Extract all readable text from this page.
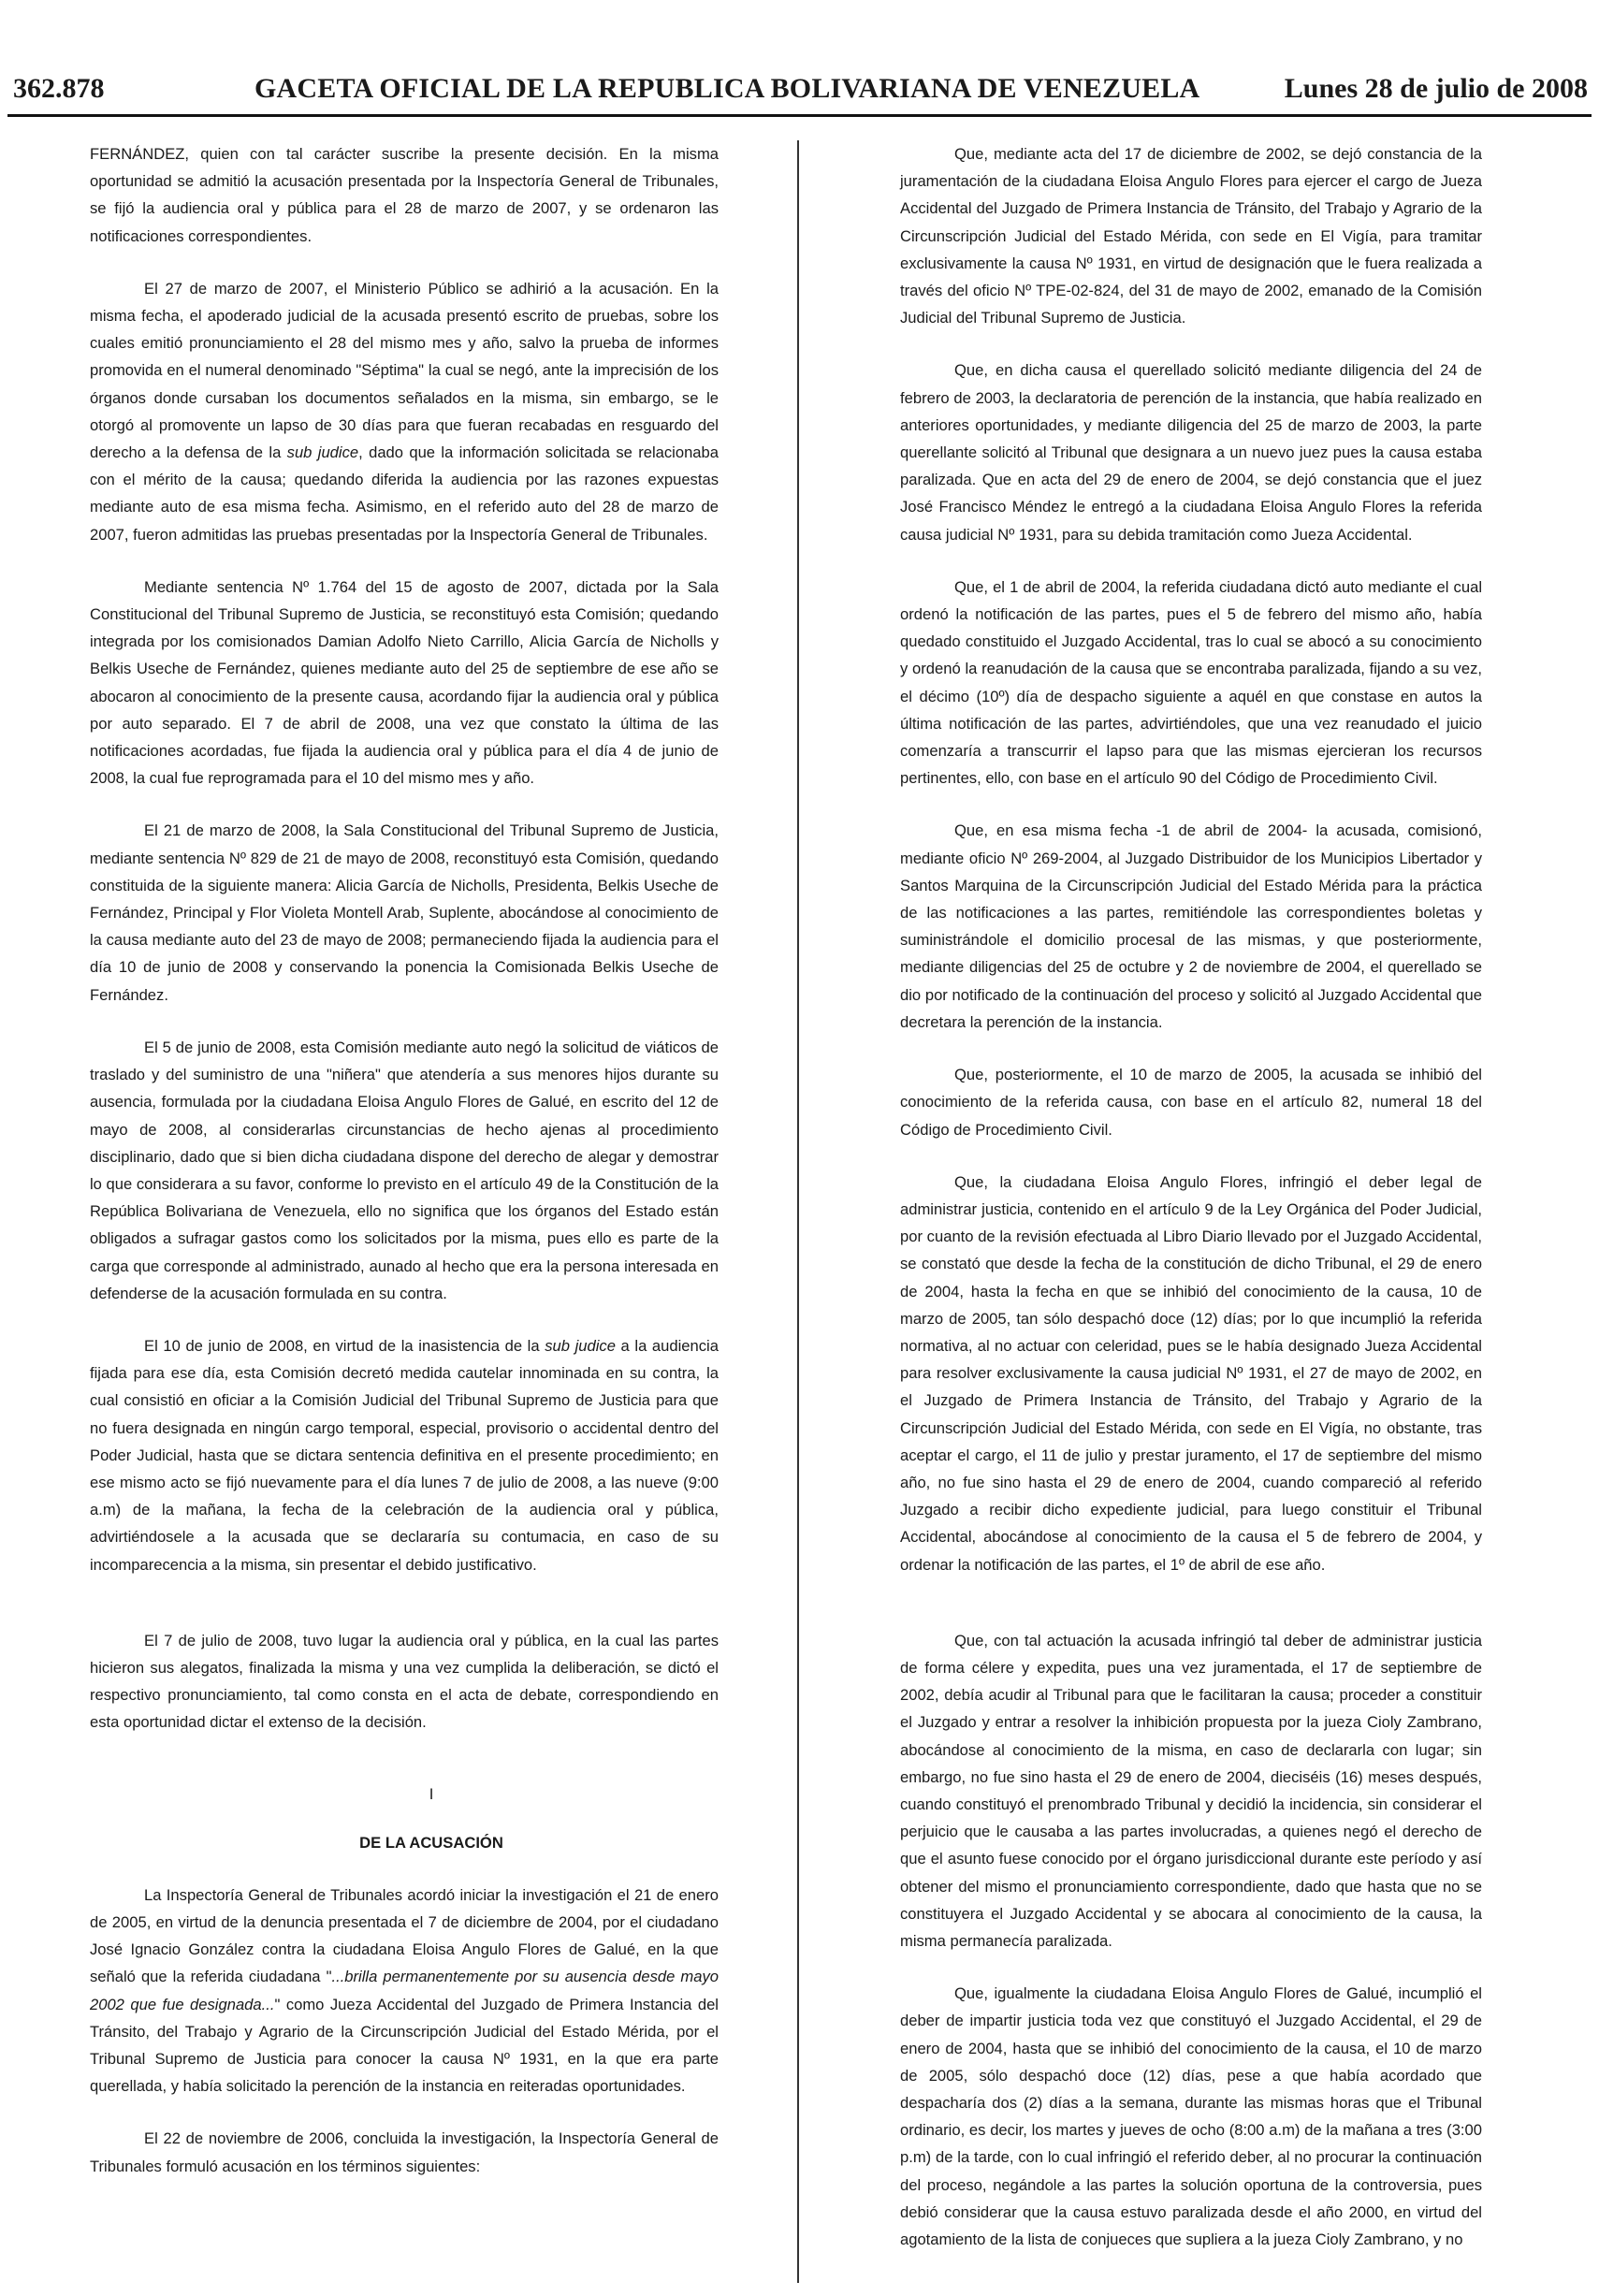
362.878	GACETA OFICIAL DE LA REPUBLICA BOLIVARIANA DE VENEZUELA	Lunes 28 de julio de 2008

FERNÁNDEZ, quien con tal carácter suscribe la presente decisión. En la misma oportunidad se admitió la acusación presentada por la Inspectoría General de Tribunales, se fijó la audiencia oral y pública para el 28 de marzo de 2007, y se ordenaron las notificaciones correspondientes.

El 27 de marzo de 2007, el Ministerio Público se adhirió a la acusación. En la misma fecha, el apoderado judicial de la acusada presentó escrito de pruebas, sobre los cuales emitió pronunciamiento el 28 del mismo mes y año, salvo la prueba de informes promovida en el numeral denominado "Séptima" la cual se negó, ante la imprecisión de los órganos donde cursaban los documentos señalados en la misma, sin embargo, se le otorgó al promovente un lapso de 30 días para que fueran recabadas en resguardo del derecho a la defensa de la sub judice, dado que la información solicitada se relacionaba con el mérito de la causa; quedando diferida la audiencia por las razones expuestas mediante auto de esa misma fecha. Asimismo, en el referido auto del 28 de marzo de 2007, fueron admitidas las pruebas presentadas por la Inspectoría General de Tribunales.

Mediante sentencia Nº 1.764 del 15 de agosto de 2007, dictada por la Sala Constitucional del Tribunal Supremo de Justicia, se reconstituyó esta Comisión; quedando integrada por los comisionados Damian Adolfo Nieto Carrillo, Alicia García de Nicholls y Belkis Useche de Fernández, quienes mediante auto del 25 de septiembre de ese año se abocaron al conocimiento de la presente causa, acordando fijar la audiencia oral y pública por auto separado. El 7 de abril de 2008, una vez que constato la última de las notificaciones acordadas, fue fijada la audiencia oral y pública para el día 4 de junio de 2008, la cual fue reprogramada para el 10 del mismo mes y año.

El 21 de marzo de 2008, la Sala Constitucional del Tribunal Supremo de Justicia, mediante sentencia Nº 829 de 21 de mayo de 2008, reconstituyó esta Comisión, quedando constituida de la siguiente manera: Alicia García de Nicholls, Presidenta, Belkis Useche de Fernández, Principal y Flor Violeta Montell Arab, Suplente, abocándose al conocimiento de la causa mediante auto del 23 de mayo de 2008; permaneciendo fijada la audiencia para el día 10 de junio de 2008 y conservando la ponencia la Comisionada Belkis Useche de Fernández.

El 5 de junio de 2008, esta Comisión mediante auto negó la solicitud de viáticos de traslado y del suministro de una "niñera" que atendería a sus menores hijos durante su ausencia, formulada por la ciudadana Eloisa Angulo Flores de Galué, en escrito del 12 de mayo de 2008, al considerarlas circunstancias de hecho ajenas al procedimiento disciplinario, dado que si bien dicha ciudadana dispone del derecho de alegar y demostrar lo que considerara a su favor, conforme lo previsto en el artículo 49 de la Constitución de la República Bolivariana de Venezuela, ello no significa que los órganos del Estado están obligados a sufragar gastos como los solicitados por la misma, pues ello es parte de la carga que corresponde al administrado, aunado al hecho que era la persona interesada en defenderse de la acusación formulada en su contra.

El 10 de junio de 2008, en virtud de la inasistencia de la sub judice a la audiencia fijada para ese día, esta Comisión decretó medida cautelar innominada en su contra, la cual consistió en oficiar a la Comisión Judicial del Tribunal Supremo de Justicia para que no fuera designada en ningún cargo temporal, especial, provisorio o accidental dentro del Poder Judicial, hasta que se dictara sentencia definitiva en el presente procedimiento; en ese mismo acto se fijó nuevamente para el día lunes 7 de julio de 2008, a las nueve (9:00 a.m) de la mañana, la fecha de la celebración de la audiencia oral y pública, advirtiéndosele a la acusada que se declararía su contumacia, en caso de su incomparecencia a la misma, sin presentar el debido justificativo.

El 7 de julio de 2008, tuvo lugar la audiencia oral y pública, en la cual las partes hicieron sus alegatos, finalizada la misma y una vez cumplida la deliberación, se dictó el respectivo pronunciamiento, tal como consta en el acta de debate, correspondiendo en esta oportunidad dictar el extenso de la decisión.

I

DE LA ACUSACIÓN

La Inspectoría General de Tribunales acordó iniciar la investigación el 21 de enero de 2005, en virtud de la denuncia presentada el 7 de diciembre de 2004, por el ciudadano José Ignacio González contra la ciudadana Eloisa Angulo Flores de Galué, en la que señaló que la referida ciudadana "...brilla permanentemente por su ausencia desde mayo 2002 que fue designada..." como Jueza Accidental del Juzgado de Primera Instancia del Tránsito, del Trabajo y Agrario de la Circunscripción Judicial del Estado Mérida, por el Tribunal Supremo de Justicia para conocer la causa Nº 1931, en la que era parte querellada, y había solicitado la perención de la instancia en reiteradas oportunidades.

El 22 de noviembre de 2006, concluida la investigación, la Inspectoría General de Tribunales formuló acusación en los términos siguientes:

Que, mediante acta del 17 de diciembre de 2002, se dejó constancia de la juramentación de la ciudadana Eloisa Angulo Flores para ejercer el cargo de Jueza Accidental del Juzgado de Primera Instancia de Tránsito, del Trabajo y Agrario de la Circunscripción Judicial del Estado Mérida, con sede en El Vigía, para tramitar exclusivamente la causa Nº 1931, en virtud de designación que le fuera realizada a través del oficio Nº TPE-02-824, del 31 de mayo de 2002, emanado de la Comisión Judicial del Tribunal Supremo de Justicia.

Que, en dicha causa el querellado solicitó mediante diligencia del 24 de febrero de 2003, la declaratoria de perención de la instancia, que había realizado en anteriores oportunidades, y mediante diligencia del 25 de marzo de 2003, la parte querellante solicitó al Tribunal que designara a un nuevo juez pues la causa estaba paralizada. Que en acta del 29 de enero de 2004, se dejó constancia que el juez José Francisco Méndez le entregó a la ciudadana Eloisa Angulo Flores la referida causa judicial Nº 1931, para su debida tramitación como Jueza Accidental.

Que, el 1 de abril de 2004, la referida ciudadana dictó auto mediante el cual ordenó la notificación de las partes, pues el 5 de febrero del mismo año, había quedado constituido el Juzgado Accidental, tras lo cual se abocó a su conocimiento y ordenó la reanudación de la causa que se encontraba paralizada, fijando a su vez, el décimo (10º) día de despacho siguiente a aquél en que constase en autos la última notificación de las partes, advirtiéndoles, que una vez reanudado el juicio comenzaría a transcurrir el lapso para que las mismas ejercieran los recursos pertinentes, ello, con base en el artículo 90 del Código de Procedimiento Civil.

Que, en esa misma fecha -1 de abril de 2004- la acusada, comisionó, mediante oficio Nº 269-2004, al Juzgado Distribuidor de los Municipios Libertador y Santos Marquina de la Circunscripción Judicial del Estado Mérida para la práctica de las notificaciones a las partes, remitiéndole las correspondientes boletas y suministrándole el domicilio procesal de las mismas, y que posteriormente, mediante diligencias del 25 de octubre y 2 de noviembre de 2004, el querellado se dio por notificado de la continuación del proceso y solicitó al Juzgado Accidental que decretara la perención de la instancia.

Que, posteriormente, el 10 de marzo de 2005, la acusada se inhibió del conocimiento de la referida causa, con base en el artículo 82, numeral 18 del Código de Procedimiento Civil.

Que, la ciudadana Eloisa Angulo Flores, infringió el deber legal de administrar justicia, contenido en el artículo 9 de la Ley Orgánica del Poder Judicial, por cuanto de la revisión efectuada al Libro Diario llevado por el Juzgado Accidental, se constató que desde la fecha de la constitución de dicho Tribunal, el 29 de enero de 2004, hasta la fecha en que se inhibió del conocimiento de la causa, 10 de marzo de 2005, tan sólo despachó doce (12) días; por lo que incumplió la referida normativa, al no actuar con celeridad, pues se le había designado Jueza Accidental para resolver exclusivamente la causa judicial Nº 1931, el 27 de mayo de 2002, en el Juzgado de Primera Instancia de Tránsito, del Trabajo y Agrario de la Circunscripción Judicial del Estado Mérida, con sede en El Vigía, no obstante, tras aceptar el cargo, el 11 de julio y prestar juramento, el 17 de septiembre del mismo año, no fue sino hasta el 29 de enero de 2004, cuando compareció al referido Juzgado a recibir dicho expediente judicial, para luego constituir el Tribunal Accidental, abocándose al conocimiento de la causa el 5 de febrero de 2004, y ordenar la notificación de las partes, el 1º de abril de ese año.

Que, con tal actuación la acusada infringió tal deber de administrar justicia de forma célere y expedita, pues una vez juramentada, el 17 de septiembre de 2002, debía acudir al Tribunal para que le facilitaran la causa; proceder a constituir el Juzgado y entrar a resolver la inhibición propuesta por la jueza Cioly Zambrano, abocándose al conocimiento de la misma, en caso de declararla con lugar; sin embargo, no fue sino hasta el 29 de enero de 2004, dieciséis (16) meses después, cuando constituyó el prenombrado Tribunal y decidió la incidencia, sin considerar el perjuicio que le causaba a las partes involucradas, a quienes negó el derecho de que el asunto fuese conocido por el órgano jurisdiccional durante este período y así obtener del mismo el pronunciamiento correspondiente, dado que hasta que no se constituyera el Juzgado Accidental y se abocara al conocimiento de la causa, la misma permanecía paralizada.

Que, igualmente la ciudadana Eloisa Angulo Flores de Galué, incumplió el deber de impartir justicia toda vez que constituyó el Juzgado Accidental, el 29 de enero de 2004, hasta que se inhibió del conocimiento de la causa, el 10 de marzo de 2005, sólo despachó doce (12) días, pese a que había acordado que despacharía dos (2) días a la semana, durante las mismas horas que el Tribunal ordinario, es decir, los martes y jueves de ocho (8:00 a.m) de la mañana a tres (3:00 p.m) de la tarde, con lo cual infringió el referido deber, al no procurar la continuación del proceso, negándole a las partes la solución oportuna de la controversia, pues debió considerar que la causa estuvo paralizada desde el año 2000, en virtud del agotamiento de la lista de conjueces que supliera a la jueza Cioly Zambrano, y no
